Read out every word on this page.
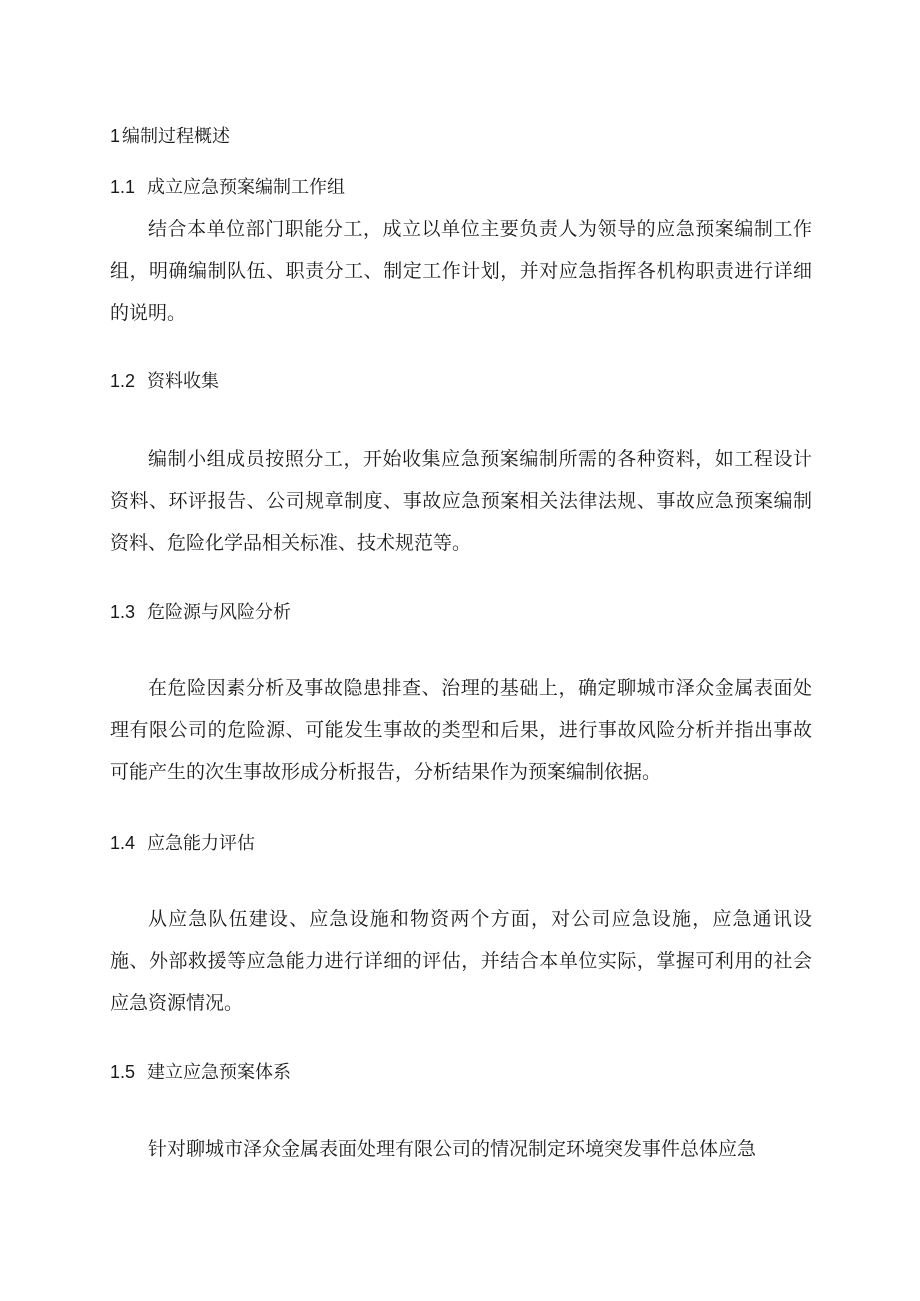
1 编制过程概述
1.1 成立应急预案编制工作组

结合本单位部门职能分工，成立以单位主要负责人为领导的应急预案编制工作组，明确编制队伍、职责分工、制定工作计划，并对应急指挥各机构职责进行详细的说明。

1.2 资料收集

编制小组成员按照分工，开始收集应急预案编制所需的各种资料，如工程设计资料、环评报告、公司规章制度、事故应急预案相关法律法规、事故应急预案编制资料、危险化学品相关标准、技术规范等。

1.3 危险源与风险分析

在危险因素分析及事故隐患排查、治理的基础上，确定聊城市泽众金属表面处理有限公司的危险源、可能发生事故的类型和后果，进行事故风险分析并指出事故可能产生的次生事故形成分析报告，分析结果作为预案编制依据。

1.4 应急能力评估

从应急队伍建设、应急设施和物资两个方面，对公司应急设施，应急通讯设施、外部救援等应急能力进行详细的评估，并结合本单位实际，掌握可利用的社会应急资源情况。

1.5 建立应急预案体系

针对聊城市泽众金属表面处理有限公司的情况制定环境突发事件总体应急
